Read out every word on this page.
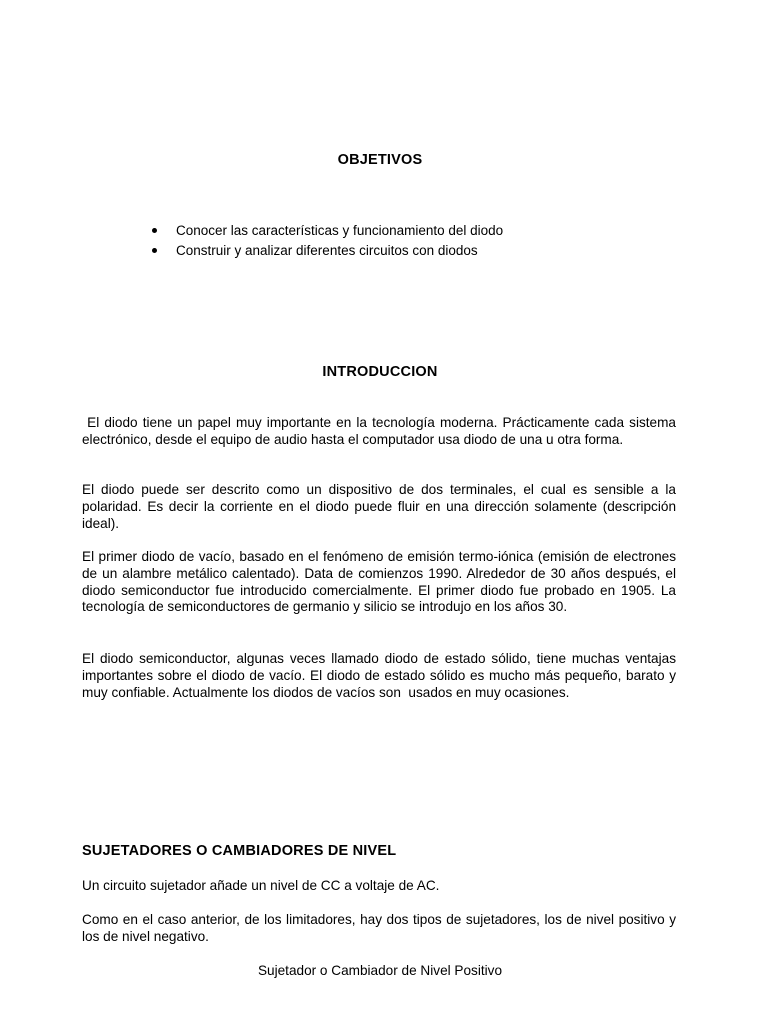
OBJETIVOS
Conocer las características y funcionamiento del diodo
Construir y analizar diferentes circuitos con diodos
INTRODUCCION

El diodo tiene un papel muy importante en la tecnología moderna. Prácticamente cada sistema electrónico, desde el equipo de audio hasta el computador usa diodo de una u otra forma.

El diodo puede ser descrito como un dispositivo de dos terminales, el cual es sensible a la polaridad. Es decir la corriente en el diodo puede fluir en una dirección solamente (descripción ideal).

El primer diodo de vacío, basado en el fenómeno de emisión termo-iónica (emisión de electrones de un alambre metálico calentado). Data de comienzos 1990. Alrededor de 30 años después, el diodo semiconductor fue introducido comercialmente. El primer diodo fue probado en 1905. La tecnología de semiconductores de germanio y silicio se introdujo en los años 30.

El diodo semiconductor, algunas veces llamado diodo de estado sólido, tiene muchas ventajas importantes sobre el diodo de vacío. El diodo de estado sólido es mucho más pequeño, barato y muy confiable. Actualmente los diodos de vacíos son  usados en muy ocasiones.

SUJETADORES O CAMBIADORES DE NIVEL

Un circuito sujetador añade un nivel de CC a voltaje de AC.

Como en el caso anterior, de los limitadores, hay dos tipos de sujetadores, los de nivel positivo y los de nivel negativo.

Sujetador o Cambiador de Nivel Positivo
